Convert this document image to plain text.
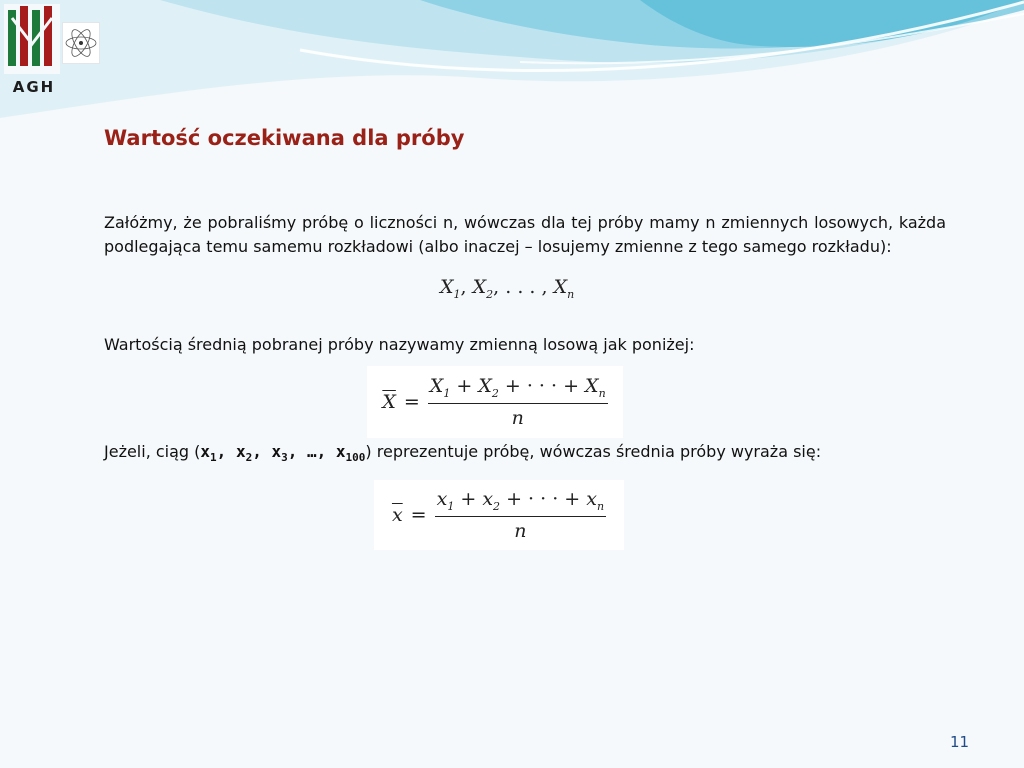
AGH
Wartość oczekiwana dla próby

Załóżmy, że pobraliśmy próbę o liczności n, wówczas dla tej próby mamy n zmiennych losowych, każda podlegająca temu samemu rozkładowi (albo inaczej – losujemy zmienne z tego samego rozkładu):

$X_1$, $X_2$, . . . , $X_n$

Wartością średnią pobranej próby nazywamy zmienną losową jak poniżej:

$\overline{X} = \frac{X_1 + X_2 + \cdot \cdot \cdot + X_n}{n}$

Jeżeli, ciąg ($x_1$, $x_2$, $x_3$, …, $x_{100}$) reprezentuje próbę, wówczas średnia próby wyraża się:

$\overline{x} = \frac{x_1 + x_2 + \cdot \cdot \cdot + x_n}{n}$
11
